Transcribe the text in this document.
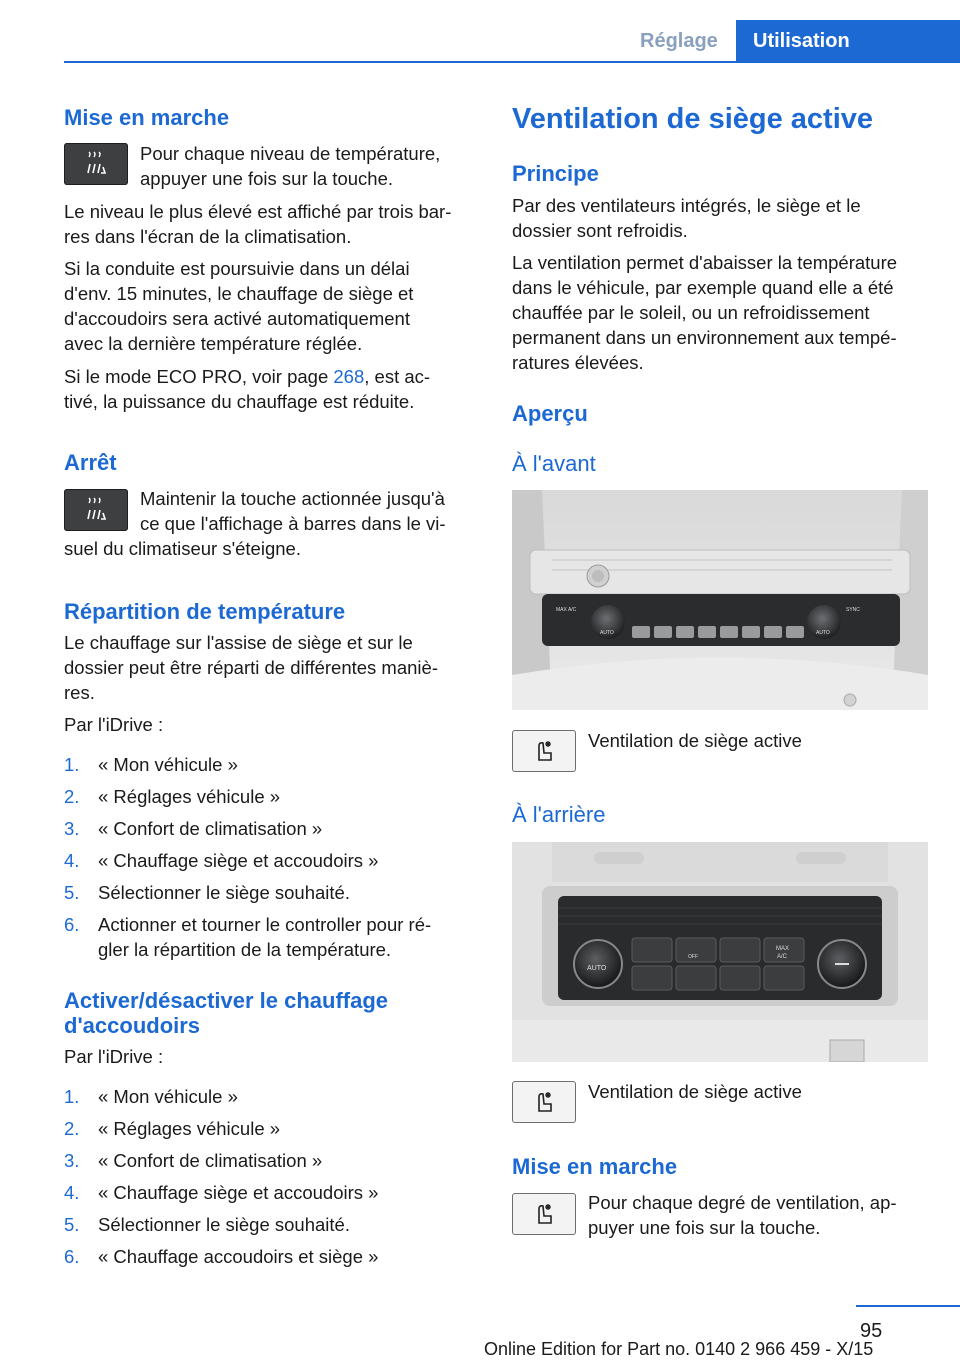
Réglage	Utilisation
Mise en marche
Pour chaque niveau de température,
appuyer une fois sur la touche.
Le niveau le plus élevé est affiché par trois bar‐
res dans l'écran de la climatisation.
Si la conduite est poursuivie dans un délai
d'env. 15 minutes, le chauffage de siège et
d'accoudoirs sera activé automatiquement
avec la dernière température réglée.
Si le mode ECO PRO, voir page 268, est ac‐
tivé, la puissance du chauffage est réduite.
Arrêt
Maintenir la touche actionnée jusqu'à
ce que l'affichage à barres dans le vi‐
suel du climatiseur s'éteigne.
Répartition de température
Le chauffage sur l'assise de siège et sur le
dossier peut être réparti de différentes maniè‐
res.
Par l'iDrive :
1. « Mon véhicule »
2. « Réglages véhicule »
3. « Confort de climatisation »
4. « Chauffage siège et accoudoirs »
5. Sélectionner le siège souhaité.
6. Actionner et tourner le controller pour ré‐
gler la répartition de la température.
Activer/désactiver le chauffage
d'accoudoirs
Par l'iDrive :
1. « Mon véhicule »
2. « Réglages véhicule »
3. « Confort de climatisation »
4. « Chauffage siège et accoudoirs »
5. Sélectionner le siège souhaité.
6. « Chauffage accoudoirs et siège »
Ventilation de siège active
Principe
Par des ventilateurs intégrés, le siège et le
dossier sont refroidis.
La ventilation permet d'abaisser la température
dans le véhicule, par exemple quand elle a été
chauffée par le soleil, ou un refroidissement
permanent dans un environnement aux tempé‐
ratures élevées.
Aperçu
À l'avant
MAX A/C
AUTO	AUTO
SYNC
Ventilation de siège active
À l'arrière
AUTO
OFF
MAX
A/C
Ventilation de siège active
Mise en marche
Pour chaque degré de ventilation, ap‐
puyer une fois sur la touche.
95
Online Edition for Part no. 0140 2 966 459 - X/15
